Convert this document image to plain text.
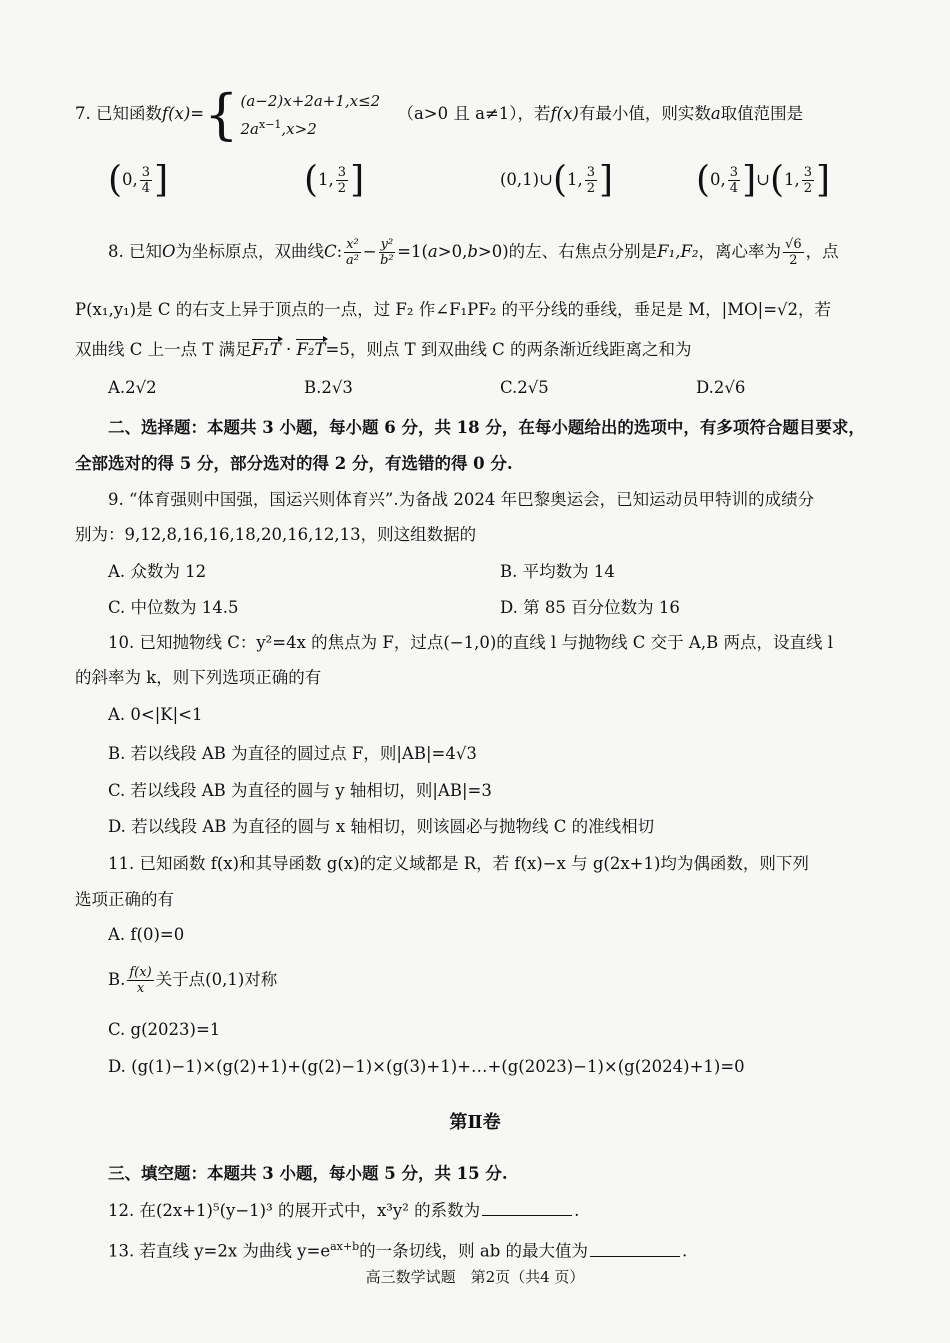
7. 已知函数f(x)= { (a−2)x+2a+1,x≤2
$2a^{x-1},x>2$
（a>0 且 a≠1），若f(x)有最小值，则实数a取值范围是
(0, $\frac{3}{4}$ ]	(1, $\frac{3}{2}$ ]	(0,1)∪(1, $\frac{3}{2}$ ]	(0, $\frac{3}{4}$ ]∪(1, $\frac{3}{2}$ ]
8. 已知O为坐标原点，双曲线C: $\frac{\text{x²}}{\text{a²}} - \frac{\text{y²}}{\text{b²}} =1(a>0,b>0)$的左、右焦点分别是F₁,F₂，离心率为 $\frac{√6}{2}$ ，点
P(x₁,y₁)是 C 的右支上异于顶点的一点，过 F₂ 作∠F₁PF₂ 的平分线的垂线，垂足是 M，|MO|=√2，若
双曲线 C 上一点 T 满足F₁T · F₂T=5，则点 T 到双曲线 C 的两条渐近线距离之和为
A.2√2	B.2√3	C.2√5	D.2√6
二、选择题：本题共 3 小题，每小题 6 分，共 18 分，在每小题给出的选项中，有多项符合题目要求，
全部选对的得 5 分，部分选对的得 2 分，有选错的得 0 分.
9. “体育强则中国强，国运兴则体育兴”.为备战 2024 年巴黎奥运会，已知运动员甲特训的成绩分
别为：9,12,8,16,16,18,20,16,12,13，则这组数据的
A. 众数为 12	B. 平均数为 14
C. 中位数为 14.5	D. 第 85 百分位数为 16
10. 已知抛物线 C：y²=4x 的焦点为 F，过点(−1,0)的直线 l 与抛物线 C 交于 A,B 两点，设直线 l
的斜率为 k，则下列选项正确的有
A. 0<|K|<1
B. 若以线段 AB 为直径的圆过点 F，则|AB|=4√3
C. 若以线段 AB 为直径的圆与 y 轴相切，则|AB|=3
D. 若以线段 AB 为直径的圆与 x 轴相切，则该圆必与抛物线 C 的准线相切
11. 已知函数 f(x)和其导函数 g(x)的定义域都是 R，若 f(x)−x 与 g(2x+1)均为偶函数，则下列
选项正确的有
A. f(0)=0
B. $\frac{f(x)}{x}$ 关于点(0,1)对称
C. g(2023)=1
D. (g(1)−1)×(g(2)+1)+(g(2)−1)×(g(3)+1)+…+(g(2023)−1)×(g(2024)+1)=0
第Ⅱ卷
三、填空题：本题共 3 小题，每小题 5 分，共 15 分.
12. 在(2x+1)⁵(y−1)³ 的展开式中，x³y² 的系数为	.
13. 若直线 y=2x 为曲线 $y=e^{ax+b}$的一条切线，则 ab 的最大值为	.
高三数学试题　第2页（共4 页）
